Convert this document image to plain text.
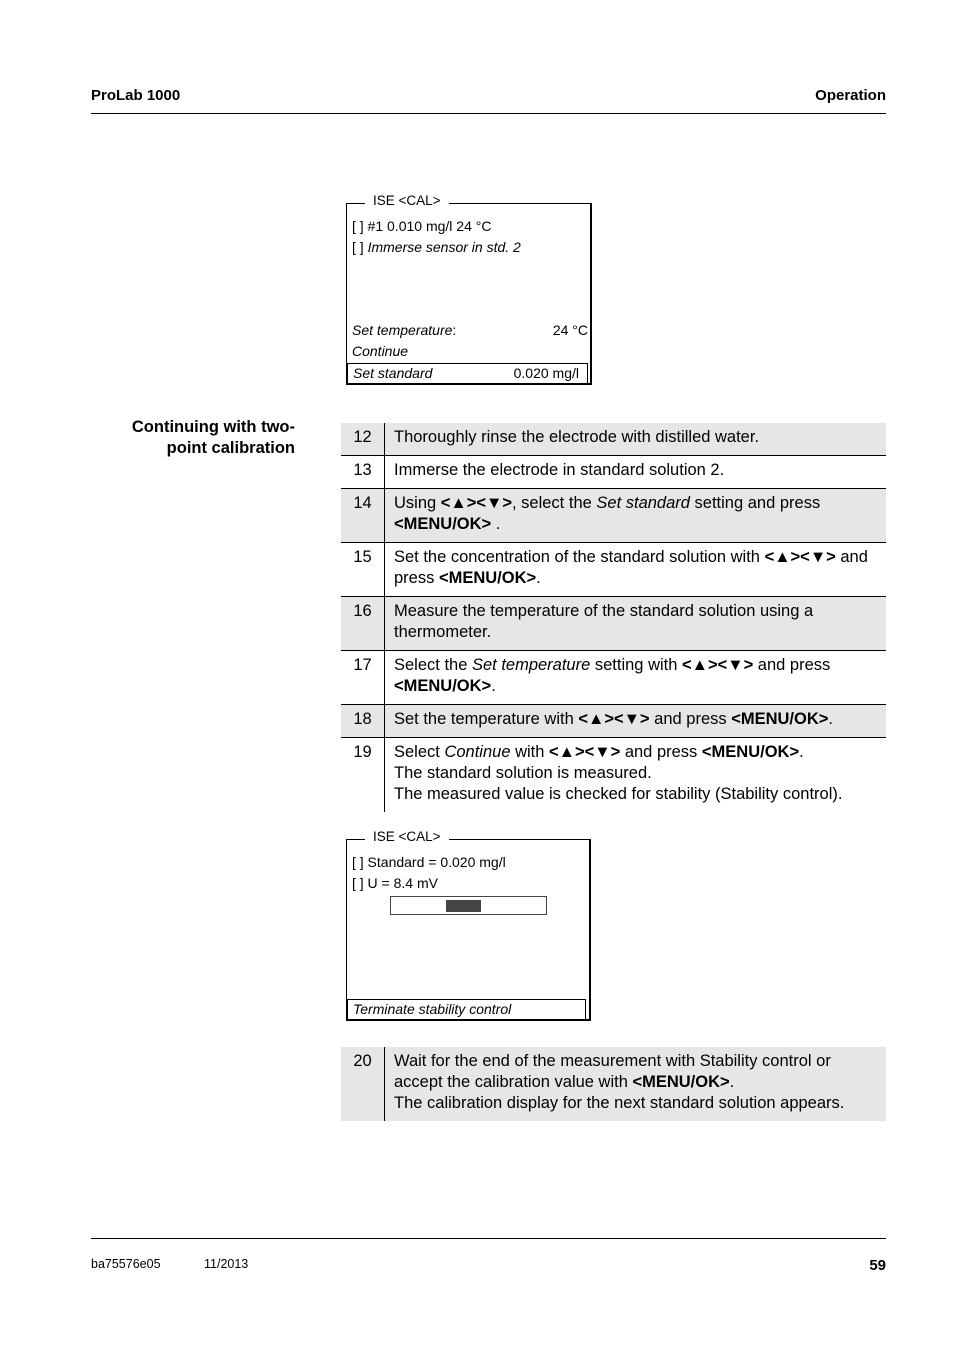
ProLab 1000	Operation
ISE <CAL>
[ ] #1 0.010 mg/l 24 °C
[ ] Immerse sensor in std. 2
Set temperature:	24 °C
Continue
Set standard	0.020 mg/l
Continuing with two-point calibration
12	Thoroughly rinse the electrode with distilled water.
13	Immerse the electrode in standard solution 2.
14	Using <▲><▼>, select the Set standard setting and press <MENU/OK> .
15	Set the concentration of the standard solution with <▲><▼> and press <MENU/OK>.
16	Measure the temperature of the standard solution using a thermometer.
17	Select the Set temperature setting with <▲><▼> and press <MENU/OK>.
18	Set the temperature with <▲><▼> and press <MENU/OK>.
19	Select Continue with <▲><▼> and press <MENU/OK>.
The standard solution is measured.
The measured value is checked for stability (Stability control).
ISE <CAL>
[ ] Standard = 0.020 mg/l
[ ] U = 8.4 mV
Terminate stability control
20	Wait for the end of the measurement with Stability control or accept the calibration value with <MENU/OK>.
The calibration display for the next standard solution appears.
ba75576e05	11/2013	59
